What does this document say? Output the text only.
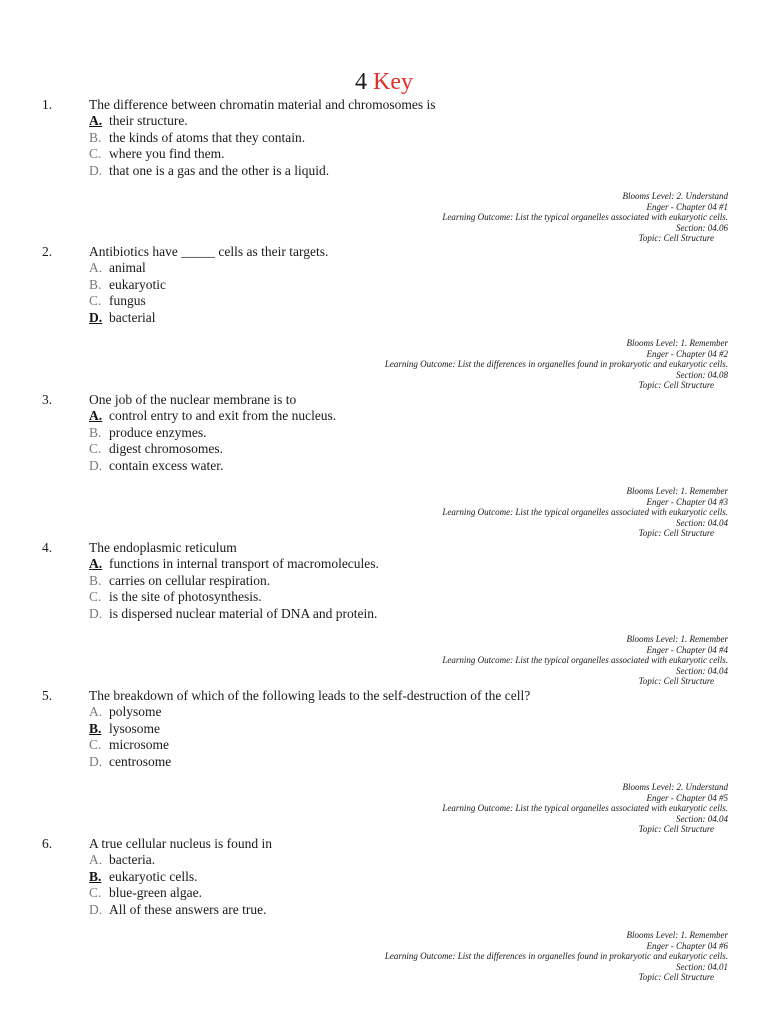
4 Key
1.	The difference between chromatin material and chromosomes is
A. their structure.
B. the kinds of atoms that they contain.
C. where you find them.
D. that one is a gas and the other is a liquid.
Blooms Level: 2. Understand
Enger - Chapter 04 #1
Learning Outcome: List the typical organelles associated with eukaryotic cells.
Section: 04.06
Topic: Cell Structure
2.	Antibiotics have _____ cells as their targets.
A. animal
B. eukaryotic
C. fungus
D. bacterial
Blooms Level: 1. Remember
Enger - Chapter 04 #2
Learning Outcome: List the differences in organelles found in prokaryotic and eukaryotic cells.
Section: 04.08
Topic: Cell Structure
3.	One job of the nuclear membrane is to
A. control entry to and exit from the nucleus.
B. produce enzymes.
C. digest chromosomes.
D. contain excess water.
Blooms Level: 1. Remember
Enger - Chapter 04 #3
Learning Outcome: List the typical organelles associated with eukaryotic cells.
Section: 04.04
Topic: Cell Structure
4.	The endoplasmic reticulum
A. functions in internal transport of macromolecules.
B. carries on cellular respiration.
C. is the site of photosynthesis.
D. is dispersed nuclear material of DNA and protein.
Blooms Level: 1. Remember
Enger - Chapter 04 #4
Learning Outcome: List the typical organelles associated with eukaryotic cells.
Section: 04.04
Topic: Cell Structure
5.	The breakdown of which of the following leads to the self-destruction of the cell?
A. polysome
B. lysosome
C. microsome
D. centrosome
Blooms Level: 2. Understand
Enger - Chapter 04 #5
Learning Outcome: List the typical organelles associated with eukaryotic cells.
Section: 04.04
Topic: Cell Structure
6.	A true cellular nucleus is found in
A. bacteria.
B. eukaryotic cells.
C. blue-green algae.
D. All of these answers are true.
Blooms Level: 1. Remember
Enger - Chapter 04 #6
Learning Outcome: List the differences in organelles found in prokaryotic and eukaryotic cells.
Section: 04.01
Topic: Cell Structure
